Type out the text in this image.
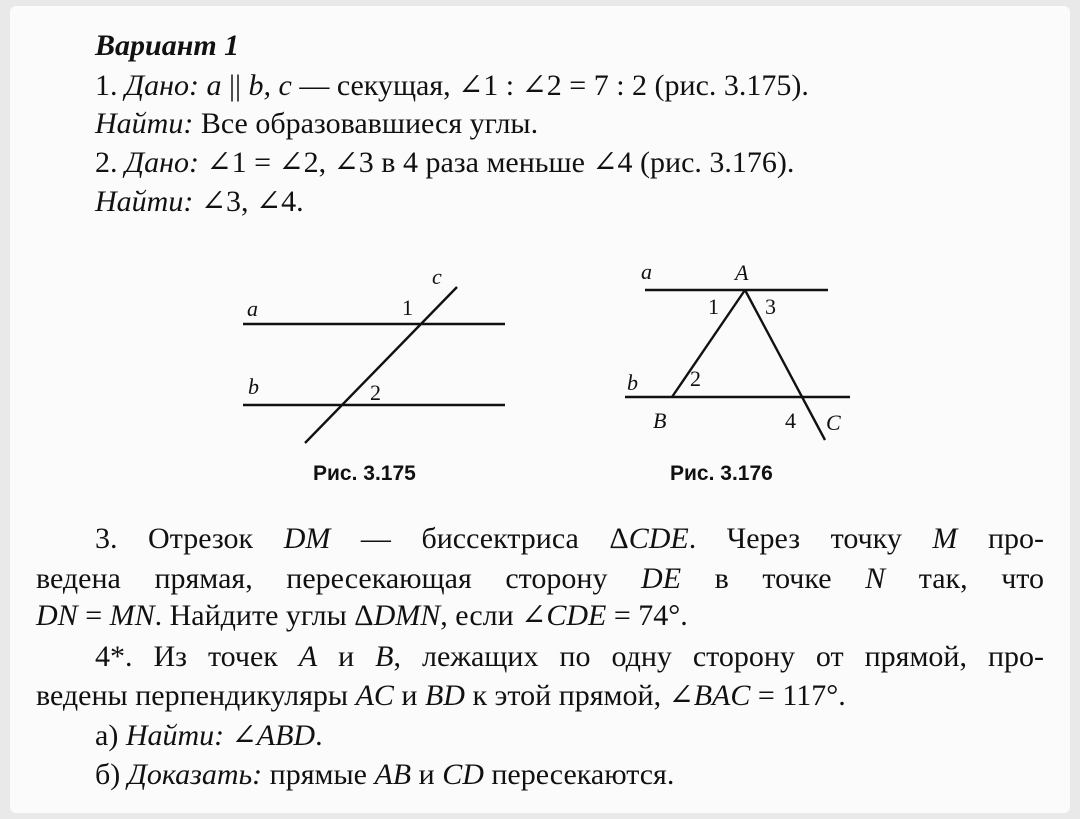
Вариант 1
1. Дано: a || b, c — секущая, ∠1 : ∠2 = 7 : 2 (рис. 3.175).
Найти: Все образовавшиеся углы.
2. Дано: ∠1 = ∠2, ∠3 в 4 раза меньше ∠4 (рис. 3.176).
Найти: ∠3, ∠4.
a
b
c
1
2
a	A
b
B	C
1 3
2
4
Рис. 3.175	Рис. 3.176
3. Отрезок DM — биссектриса ΔCDE. Через точку M про-
ведена прямая, пересекающая сторону DE в точке N так, что
DN = MN. Найдите углы ΔDMN, если ∠CDE = 74°.
4*. Из точек A и B, лежащих по одну сторону от прямой, про-
ведены перпендикуляры AC и BD к этой прямой, ∠BAC = 117°.
а) Найти: ∠ABD.
б) Доказать: прямые AB и CD пересекаются.
